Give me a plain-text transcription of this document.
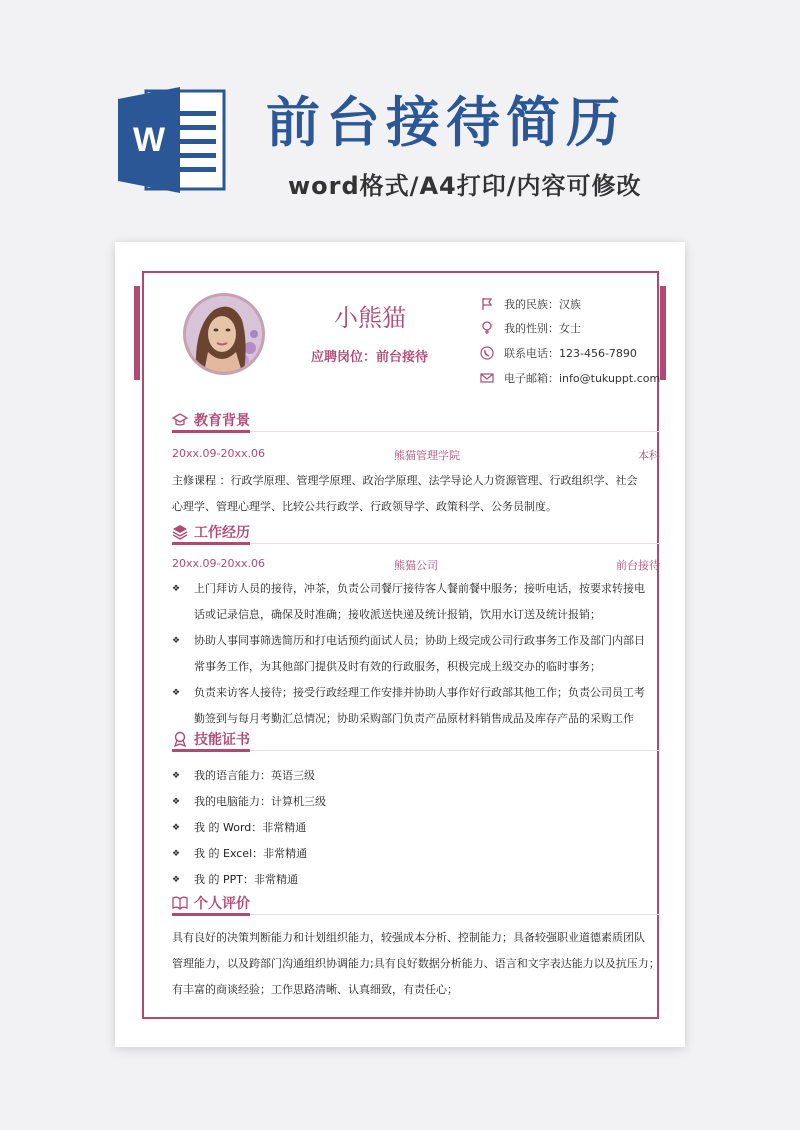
W 前台接待简历
word格式/A4打印/内容可修改
小熊猫
应聘岗位：前台接待
我的民族：汉族
我的性别：女士
联系电话：123-456-7890
电子邮箱：info@tukuppt.com
教育背景
20xx.09-20xx.06	熊猫管理学院	本科
主修课程 ：行政学原理、管理学原理、政治学原理、法学导论人力资源管理、行政组织学、社会
心理学、管理心理学、比较公共行政学、行政领导学、政策科学、公务员制度。
工作经历
20xx.09-20xx.06	熊猫公司	前台接待
❖ 上门拜访人员的接待，冲茶，负责公司餐厅接待客人餐前餐中服务；接听电话，按要求转接电
话或记录信息，确保及时准确；接收派送快递及统计报销，饮用水订送及统计报销；
❖ 协助人事同事筛选简历和打电话预约面试人员；协助上级完成公司行政事务工作及部门内部日
常事务工作，为其他部门提供及时有效的行政服务，积极完成上级交办的临时事务；
❖ 负责来访客人接待；接受行政经理工作安排并协助人事作好行政部其他工作；负责公司员工考
勤签到与每月考勤汇总情况；协助采购部门负责产品原材料销售成品及库存产品的采购工作
技能证书
❖ 我的语言能力：英语三级
❖ 我的电脑能力：计算机三级
❖ 我 的 Word：非常精通
❖ 我 的 Excel：非常精通
❖ 我 的 PPT：非常精通
个人评价
具有良好的决策判断能力和计划组织能力，较强成本分析、控制能力；具备较强职业道德素质团队
管理能力，以及跨部门沟通组织协调能力;具有良好数据分析能力、语言和文字表达能力以及抗压力；
有丰富的商谈经验；工作思路清晰、认真细致，有责任心；
